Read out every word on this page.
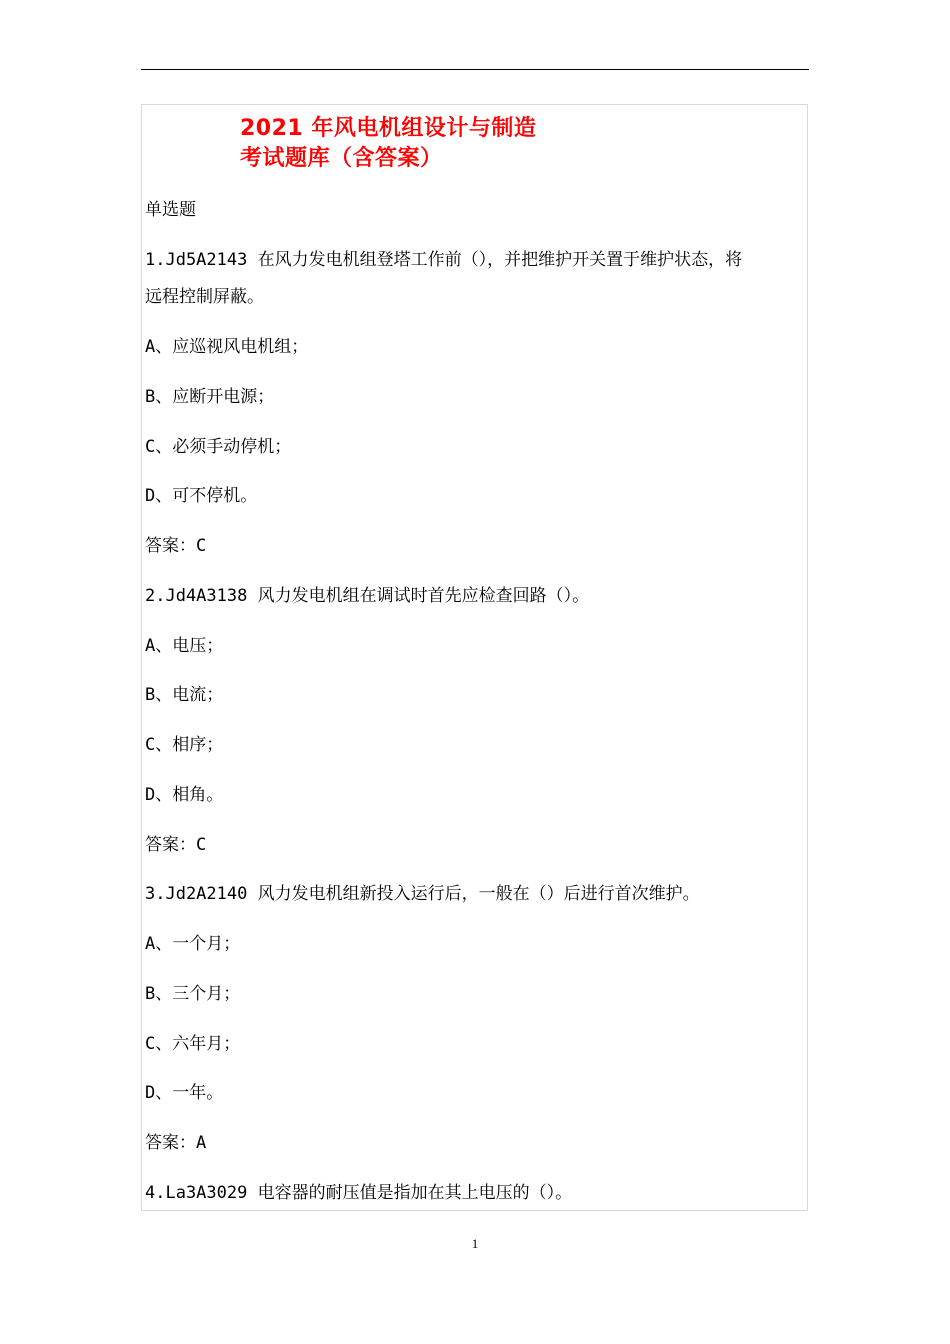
2021 年风电机组设计与制造
考试题库（含答案）
单选题
1.Jd5A2143 在风力发电机组登塔工作前（），并把维护开关置于维护状态，将
远程控制屏蔽。
A、应巡视风电机组；
B、应断开电源；
C、必须手动停机；
D、可不停机。
答案：C
2.Jd4A3138 风力发电机组在调试时首先应检查回路（）。
A、电压；
B、电流；
C、相序；
D、相角。
答案：C
3.Jd2A2140 风力发电机组新投入运行后，一般在（）后进行首次维护。
A、一个月；
B、三个月；
C、六年月；
D、一年。
答案：A
4.La3A3029 电容器的耐压值是指加在其上电压的（）。
1
